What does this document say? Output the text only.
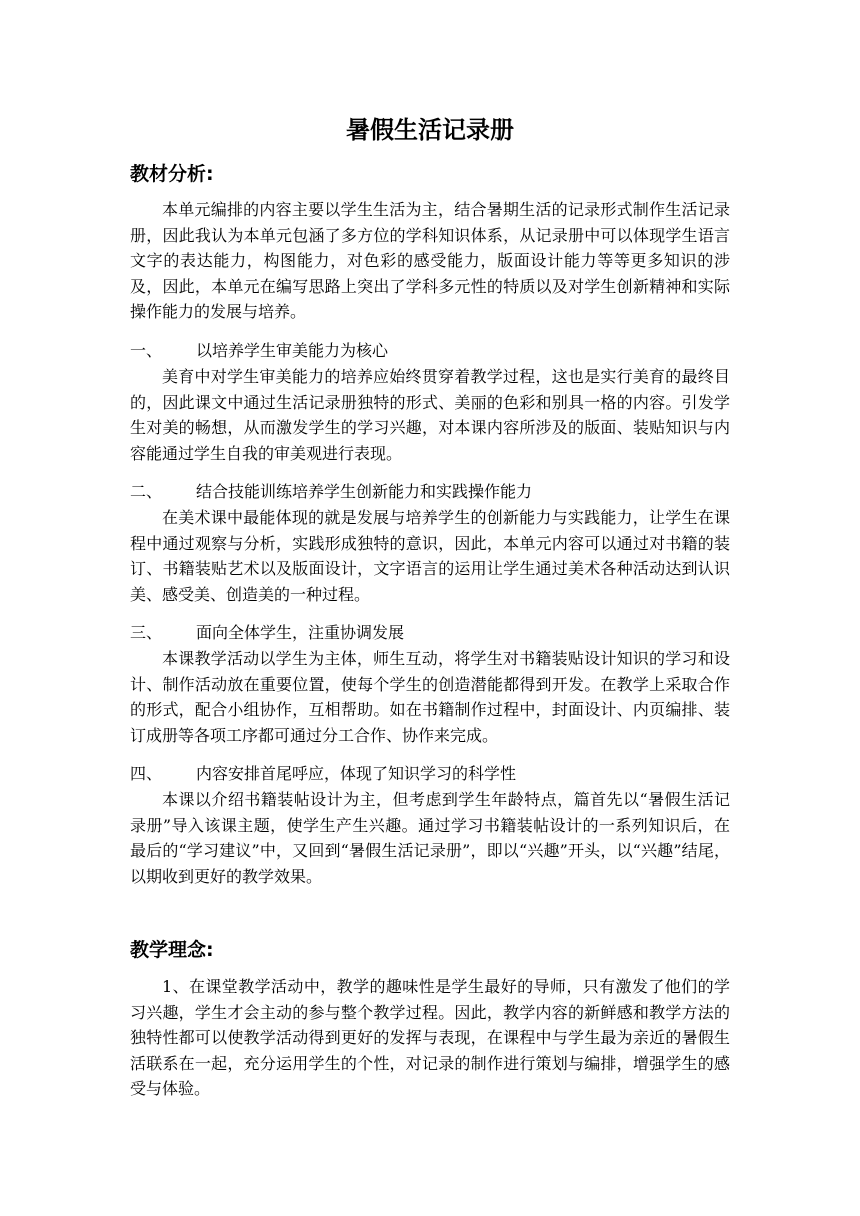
暑假生活记录册
教材分析:

本单元编排的内容主要以学生生活为主，结合暑期生活的记录形式制作生活记录册，因此我认为本单元包涵了多方位的学科知识体系，从记录册中可以体现学生语言文字的表达能力，构图能力，对色彩的感受能力，版面设计能力等等更多知识的涉及，因此，本单元在编写思路上突出了学科多元性的特质以及对学生创新精神和实际操作能力的发展与培养。

一、 以培养学生审美能力为核心

美育中对学生审美能力的培养应始终贯穿着教学过程，这也是实行美育的最终目的，因此课文中通过生活记录册独特的形式、美丽的色彩和别具一格的内容。引发学生对美的畅想，从而激发学生的学习兴趣，对本课内容所涉及的版面、装贴知识与内容能通过学生自我的审美观进行表现。

二、 结合技能训练培养学生创新能力和实践操作能力

在美术课中最能体现的就是发展与培养学生的创新能力与实践能力，让学生在课程中通过观察与分析，实践形成独特的意识，因此，本单元内容可以通过对书籍的装订、书籍装贴艺术以及版面设计，文字语言的运用让学生通过美术各种活动达到认识美、感受美、创造美的一种过程。

三、 面向全体学生，注重协调发展

本课教学活动以学生为主体，师生互动，将学生对书籍装贴设计知识的学习和设计、制作活动放在重要位置，使每个学生的创造潜能都得到开发。在教学上采取合作的形式，配合小组协作，互相帮助。如在书籍制作过程中，封面设计、内页编排、装订成册等各项工序都可通过分工合作、协作来完成。

四、 内容安排首尾呼应，体现了知识学习的科学性

本课以介绍书籍装帖设计为主，但考虑到学生年龄特点，篇首先以“暑假生活记录册”导入该课主题，使学生产生兴趣。通过学习书籍装帖设计的一系列知识后，在最后的“学习建议”中，又回到“暑假生活记录册”，即以“兴趣”开头，以“兴趣”结尾，以期收到更好的教学效果。

教学理念:

1、在课堂教学活动中，教学的趣味性是学生最好的导师，只有激发了他们的学习兴趣，学生才会主动的参与整个教学过程。因此，教学内容的新鲜感和教学方法的独特性都可以使教学活动得到更好的发挥与表现，在课程中与学生最为亲近的暑假生活联系在一起，充分运用学生的个性，对记录的制作进行策划与编排，增强学生的感受与体验。
